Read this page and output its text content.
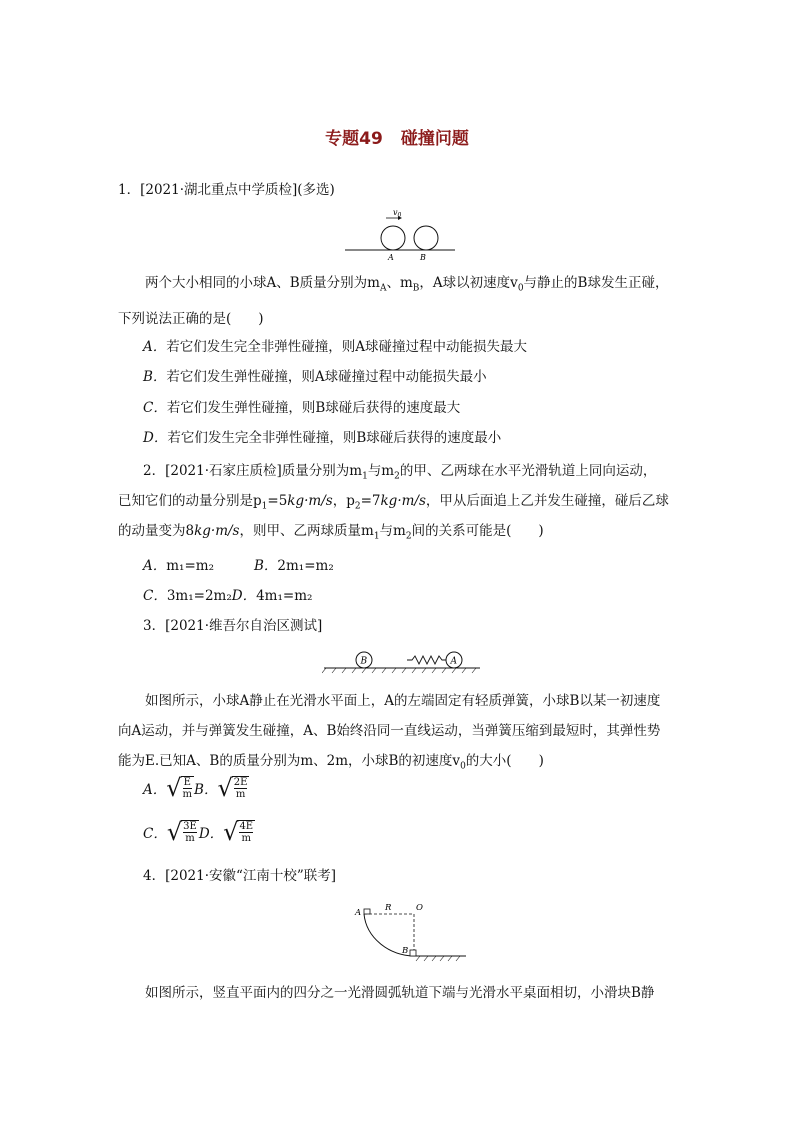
专题49 碰撞问题
1．[2021·湖北重点中学质检](多选)
$v_0$
A	B
两个大小相同的小球A、B质量分别为$m_A$、$m_B$，A球以初速度$v_0$与静止的B球发生正碰，
下列说法正确的是(　　)
A．若它们发生完全非弹性碰撞，则A球碰撞过程中动能损失最大
B．若它们发生弹性碰撞，则A球碰撞过程中动能损失最小
C．若它们发生弹性碰撞，则B球碰后获得的速度最大
D．若它们发生完全非弹性碰撞，则B球碰后获得的速度最小
2．[2021·石家庄质检]质量分别为$m_1$与$m_2$的甲、乙两球在水平光滑轨道上同向运动，
已知它们的动量分别是$p_1=5kg\cdot m/s$，$p_2=7kg\cdot m/s$，甲从后面追上乙并发生碰撞，碰后乙球
的动量变为8kg·m/s，则甲、乙两球质量$m_1$与$m_2$间的关系可能是(　　)
A．m₁=m₂	B．2m₁=m₂
C．3m₁=2m₂D．4m₁=m₂
3．[2021·维吾尔自治区测试]
B	A
如图所示，小球A静止在光滑水平面上，A的左端固定有轻质弹簧，小球B以某一初速度
向A运动，并与弹簧发生碰撞，A、B始终沿同一直线运动，当弹簧压缩到最短时，其弹性势
能为E.已知A、B的质量分别为m、2m，小球B的初速度$v_0$的大小(　　)
A．√ $\frac{E}{m}$ B．√ $\frac{2E}{m}$
C．√ $\frac{3E}{m}$ D．√ $\frac{4E}{m}$
4．[2021·安徽“江南十校”联考]
A	R	O
B
如图所示，竖直平面内的四分之一光滑圆弧轨道下端与光滑水平桌面相切，小滑块B静
